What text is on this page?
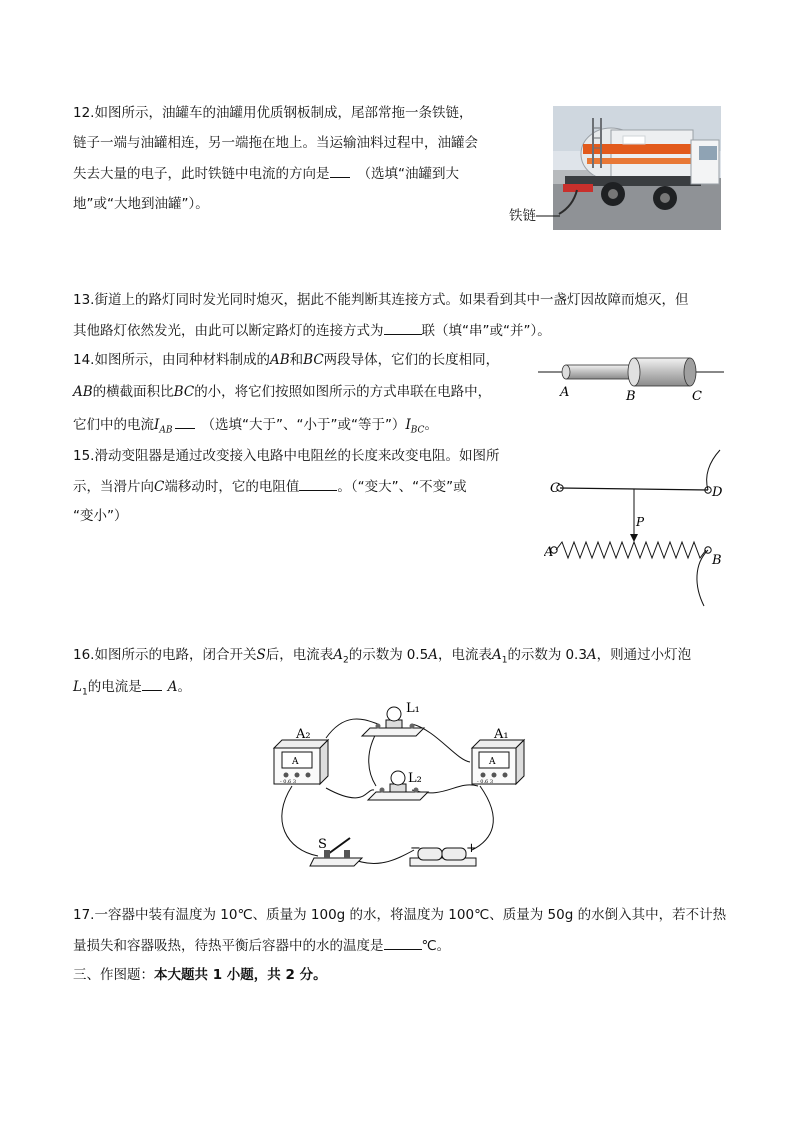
12.如图所示，油罐车的油罐用优质钢板制成，尾部常拖一条铁链，
链子一端与油罐相连，另一端拖在地上。当运输油料过程中，油罐会
失去大量的电子，此时铁链中电流的方向是 （选填“油罐到大
地”或“大地到油罐”）。
铁链
13.街道上的路灯同时发光同时熄灭，据此不能判断其连接方式。如果看到其中一盏灯因故障而熄灭，但
其他路灯依然发光，由此可以断定路灯的连接方式为	联（填“串”或“并”）。
14.如图所示，由同种材料制成的AB和BC两段导体，它们的长度相同，
AB的横截面积比BC的小，将它们按照如图所示的方式串联在电路中，
它们中的电流$I_{AB}$ （选填“大于”、“小于”或“等于$”)I_{BC}$。
A	B	C
15.滑动变阻器是通过改变接入电路中电阻丝的长度来改变电阻。如图所
示，当滑片向C端移动时，它的电阻值	。（“变大”、“不变”或
“变小”）
C	D
P
A
B
16.如图所示的电路，闭合开关S后，电流表$A_2$的示数为 0.5A，电流表$A_1$的示数为 0.3A，则通过小灯泡
$L_1$的电流是 A。
L₁
L₂
A
- 0.6 3
A₂
A
- 0.6 3
A₁
S	−	+
17.一容器中装有温度为 10℃、质量为 100g 的水，将温度为 100℃、质量为 50g 的水倒入其中，若不计热
量损失和容器吸热，待热平衡后容器中的水的温度是	℃。
三、作图题：本大题共 1 小题，共 2 分。
